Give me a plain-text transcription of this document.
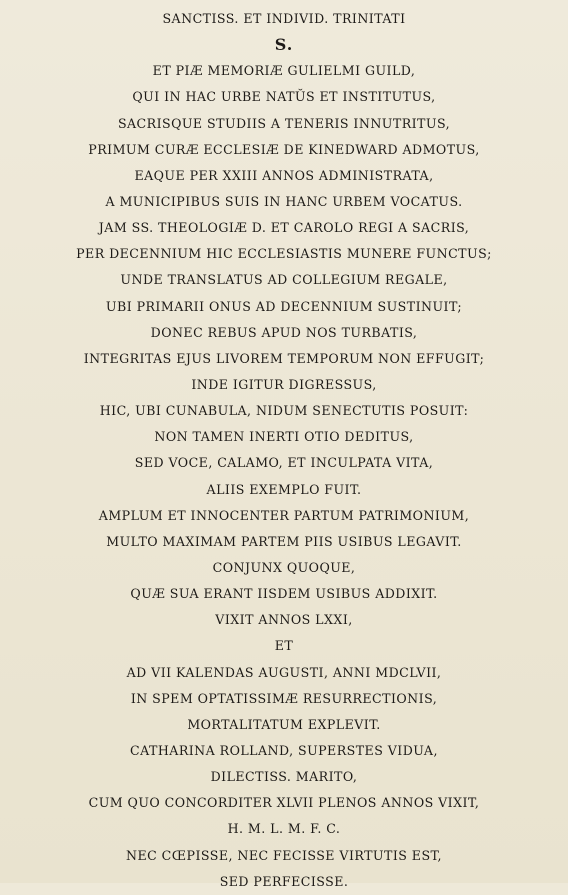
SANCTISS. ET INDIVID. TRINITATI
S.
ET PIÆ MEMORIÆ GULIELMI GUILD,
QUI IN HAC URBE NATŬS ET INSTITUTUS,
SACRISQUE STUDIIS A TENERIS INNUTRITUS,
PRIMUM CURÆ ECCLESIÆ DE KINEDWARD ADMOTUS,
EAQUE PER XXIII ANNOS ADMINISTRATA,
A MUNICIPIBUS SUIS IN HANC URBEM VOCATUS.
JAM SS. THEOLOGIÆ D. ET CAROLO REGI A SACRIS,
PER DECENNIUM HIC ECCLESIASTIS MUNERE FUNCTUS;
UNDE TRANSLATUS AD COLLEGIUM REGALE,
UBI PRIMARII ONUS AD DECENNIUM SUSTINUIT;
DONEC REBUS APUD NOS TURBATIS,
INTEGRITAS EJUS LIVOREM TEMPORUM NON EFFUGIT;
INDE IGITUR DIGRESSUS,
HIC, UBI CUNABULA, NIDUM SENECTUTIS POSUIT:
NON TAMEN INERTI OTIO DEDITUS,
SED VOCE, CALAMO, ET INCULPATA VITA,
ALIIS EXEMPLO FUIT.
AMPLUM ET INNOCENTER PARTUM PATRIMONIUM,
MULTO MAXIMAM PARTEM PIIS USIBUS LEGAVIT.
CONJUNX QUOQUE,
QUÆ SUA ERANT IISDEM USIBUS ADDIXIT.
VIXIT ANNOS LXXI,
ET
AD VII KALENDAS AUGUSTI, ANNI MDCLVII,
IN SPEM OPTATISSIMÆ RESURRECTIONIS,
MORTALITATUM EXPLEVIT.
CATHARINA ROLLAND, SUPERSTES VIDUA,
DILECTISS. MARITO,
CUM QUO CONCORDITER XLVII PLENOS ANNOS VIXIT,
H. M. L. M. F. C.
NEC CŒPISSE, NEC FECISSE VIRTUTIS EST,
SED PERFECISSE.
